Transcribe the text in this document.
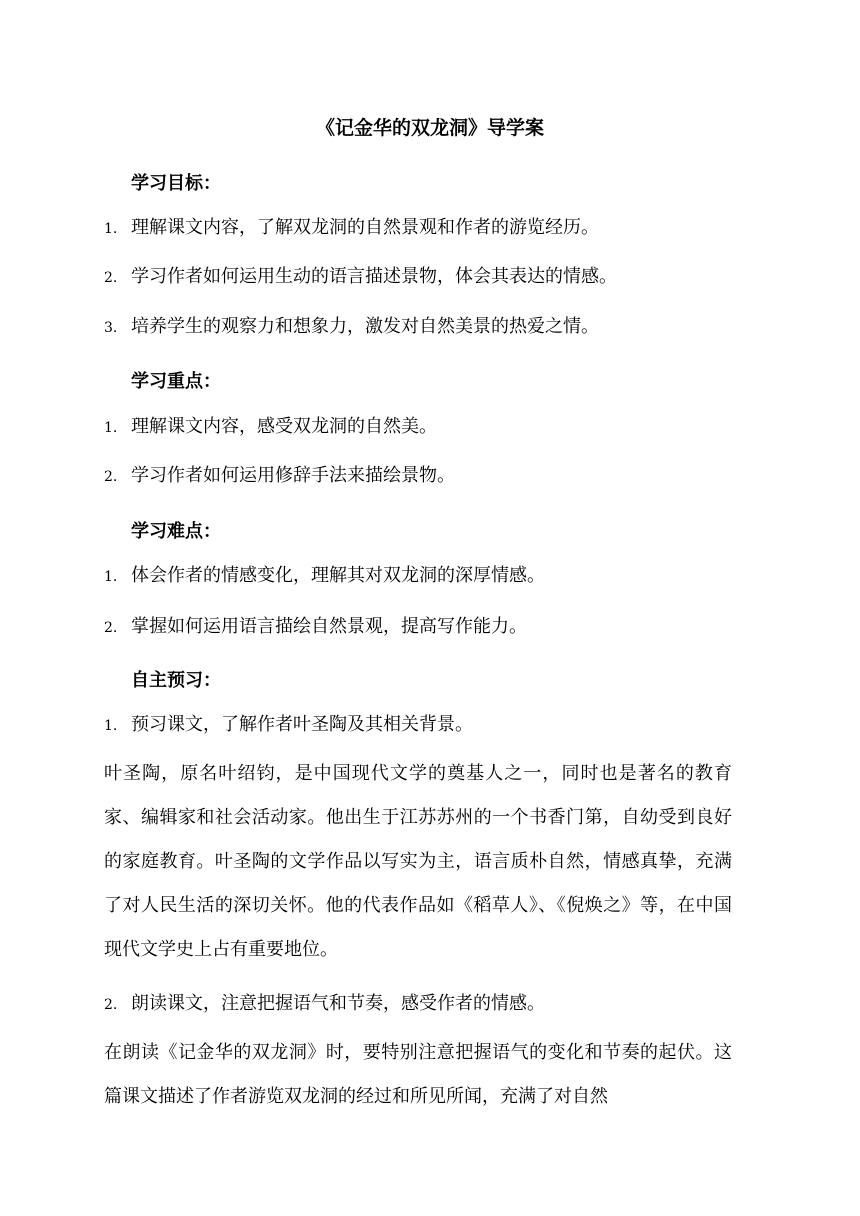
《记金华的双龙洞》导学案
学习目标：
1. 理解课文内容，了解双龙洞的自然景观和作者的游览经历。
2. 学习作者如何运用生动的语言描述景物，体会其表达的情感。
3. 培养学生的观察力和想象力，激发对自然美景的热爱之情。
学习重点：
1. 理解课文内容，感受双龙洞的自然美。
2. 学习作者如何运用修辞手法来描绘景物。
学习难点：
1. 体会作者的情感变化，理解其对双龙洞的深厚情感。
2. 掌握如何运用语言描绘自然景观，提高写作能力。
自主预习：
1. 预习课文，了解作者叶圣陶及其相关背景。
叶圣陶，原名叶绍钧，是中国现代文学的奠基人之一，同时也是著名的教育家、编辑家和社会活动家。他出生于江苏苏州的一个书香门第，自幼受到良好的家庭教育。叶圣陶的文学作品以写实为主，语言质朴自然，情感真挚，充满了对人民生活的深切关怀。他的代表作品如《稻草人》、《倪焕之》等，在中国现代文学史上占有重要地位。
2. 朗读课文，注意把握语气和节奏，感受作者的情感。
在朗读《记金华的双龙洞》时，要特别注意把握语气的变化和节奏的起伏。这篇课文描述了作者游览双龙洞的经过和所见所闻，充满了对自然
